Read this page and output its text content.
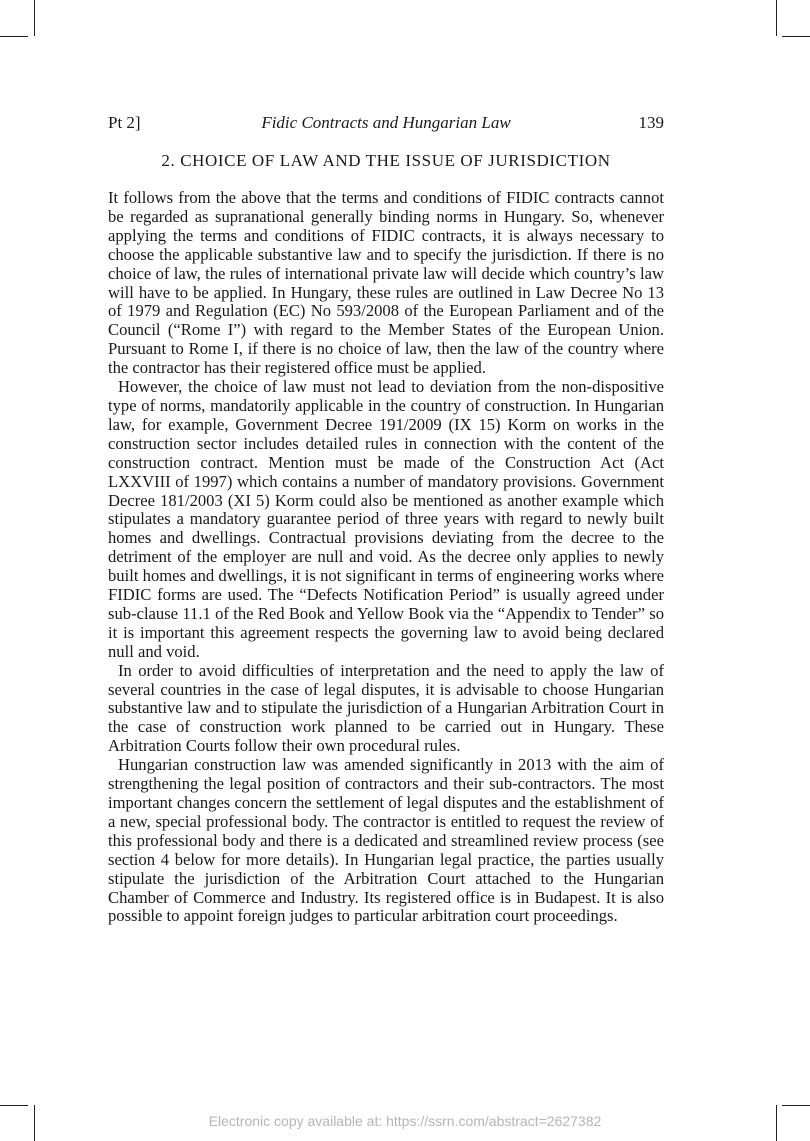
Pt 2]	Fidic Contracts and Hungarian Law	139
2. CHOICE OF LAW AND THE ISSUE OF JURISDICTION

It follows from the above that the terms and conditions of FIDIC contracts cannot be regarded as supranational generally binding norms in Hungary. So, whenever applying the terms and conditions of FIDIC contracts, it is always necessary to choose the applicable substantive law and to specify the jurisdiction. If there is no choice of law, the rules of international private law will decide which country’s law will have to be applied. In Hungary, these rules are outlined in Law Decree No 13 of 1979 and Regulation (EC) No 593/2008 of the European Parliament and of the Council (“Rome I”) with regard to the Member States of the European Union. Pursuant to Rome I, if there is no choice of law, then the law of the country where the contractor has their registered office must be applied.

However, the choice of law must not lead to deviation from the non-dispositive type of norms, mandatorily applicable in the country of construction. In Hungarian law, for example, Government Decree 191/2009 (IX 15) Korm on works in the construction sector includes detailed rules in connection with the content of the construction contract. Mention must be made of the Construction Act (Act LXXVIII of 1997) which contains a number of mandatory provisions. Government Decree 181/2003 (XI 5) Korm could also be mentioned as another example which stipulates a mandatory guarantee period of three years with regard to newly built homes and dwellings. Contractual provisions deviating from the decree to the detriment of the employer are null and void. As the decree only applies to newly built homes and dwellings, it is not significant in terms of engineering works where FIDIC forms are used. The “Defects Notification Period” is usually agreed under sub-clause 11.1 of the Red Book and Yellow Book via the “Appendix to Tender” so it is important this agreement respects the governing law to avoid being declared null and void.

In order to avoid difficulties of interpretation and the need to apply the law of several countries in the case of legal disputes, it is advisable to choose Hungarian substantive law and to stipulate the jurisdiction of a Hungarian Arbitration Court in the case of construction work planned to be carried out in Hungary. These Arbitration Courts follow their own procedural rules.

Hungarian construction law was amended significantly in 2013 with the aim of strengthening the legal position of contractors and their sub-contractors. The most important changes concern the settlement of legal disputes and the establishment of a new, special professional body. The contractor is entitled to request the review of this professional body and there is a dedicated and streamlined review process (see section 4 below for more details). In Hungarian legal practice, the parties usually stipulate the jurisdiction of the Arbitration Court attached to the Hungarian Chamber of Commerce and Industry. Its registered office is in Budapest. It is also possible to appoint foreign judges to particular arbitration court proceedings.

Electronic copy available at: https://ssrn.com/abstract=2627382
